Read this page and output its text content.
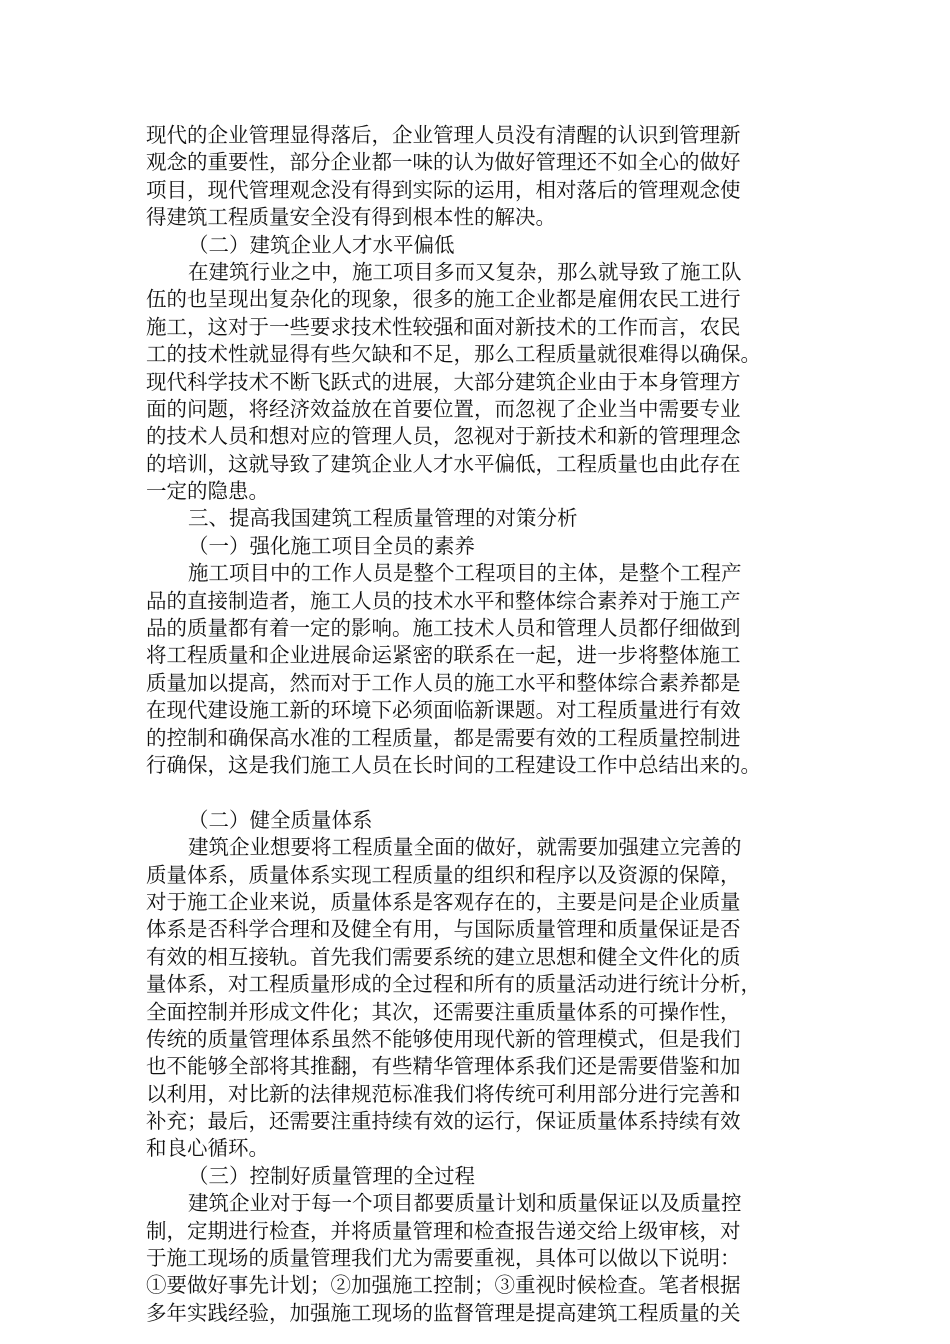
现代的企业管理显得落后，企业管理人员没有清醒的认识到管理新
观念的重要性，部分企业都一味的认为做好管理还不如全心的做好
项目，现代管理观念没有得到实际的运用，相对落后的管理观念使
得建筑工程质量安全没有得到根本性的解决。
（二）建筑企业人才水平偏低
在建筑行业之中，施工项目多而又复杂，那么就导致了施工队
伍的也呈现出复杂化的现象，很多的施工企业都是雇佣农民工进行
施工，这对于一些要求技术性较强和面对新技术的工作而言，农民
工的技术性就显得有些欠缺和不足，那么工程质量就很难得以确保。
现代科学技术不断飞跃式的进展，大部分建筑企业由于本身管理方
面的问题，将经济效益放在首要位置，而忽视了企业当中需要专业
的技术人员和想对应的管理人员，忽视对于新技术和新的管理理念
的培训，这就导致了建筑企业人才水平偏低，工程质量也由此存在
一定的隐患。
三、提高我国建筑工程质量管理的对策分析
（一）强化施工项目全员的素养
施工项目中的工作人员是整个工程项目的主体，是整个工程产
品的直接制造者，施工人员的技术水平和整体综合素养对于施工产
品的质量都有着一定的影响。施工技术人员和管理人员都仔细做到
将工程质量和企业进展命运紧密的联系在一起，进一步将整体施工
质量加以提高，然而对于工作人员的施工水平和整体综合素养都是
在现代建设施工新的环境下必须面临新课题。对工程质量进行有效
的控制和确保高水准的工程质量，都是需要有效的工程质量控制进
行确保，这是我们施工人员在长时间的工程建设工作中总结出来的。
（二）健全质量体系
建筑企业想要将工程质量全面的做好，就需要加强建立完善的
质量体系，质量体系实现工程质量的组织和程序以及资源的保障，
对于施工企业来说，质量体系是客观存在的，主要是问是企业质量
体系是否科学合理和及健全有用，与国际质量管理和质量保证是否
有效的相互接轨。首先我们需要系统的建立思想和健全文件化的质
量体系，对工程质量形成的全过程和所有的质量活动进行统计分析，
全面控制并形成文件化；其次，还需要注重质量体系的可操作性，
传统的质量管理体系虽然不能够使用现代新的管理模式，但是我们
也不能够全部将其推翻，有些精华管理体系我们还是需要借鉴和加
以利用，对比新的法律规范标准我们将传统可利用部分进行完善和
补充；最后，还需要注重持续有效的运行，保证质量体系持续有效
和良心循环。
（三）控制好质量管理的全过程
建筑企业对于每一个项目都要质量计划和质量保证以及质量控
制，定期进行检查，并将质量管理和检查报告递交给上级审核，对
于施工现场的质量管理我们尤为需要重视，具体可以做以下说明：
①要做好事先计划；②加强施工控制；③重视时候检查。笔者根据
多年实践经验，加强施工现场的监督管理是提高建筑工程质量的关
